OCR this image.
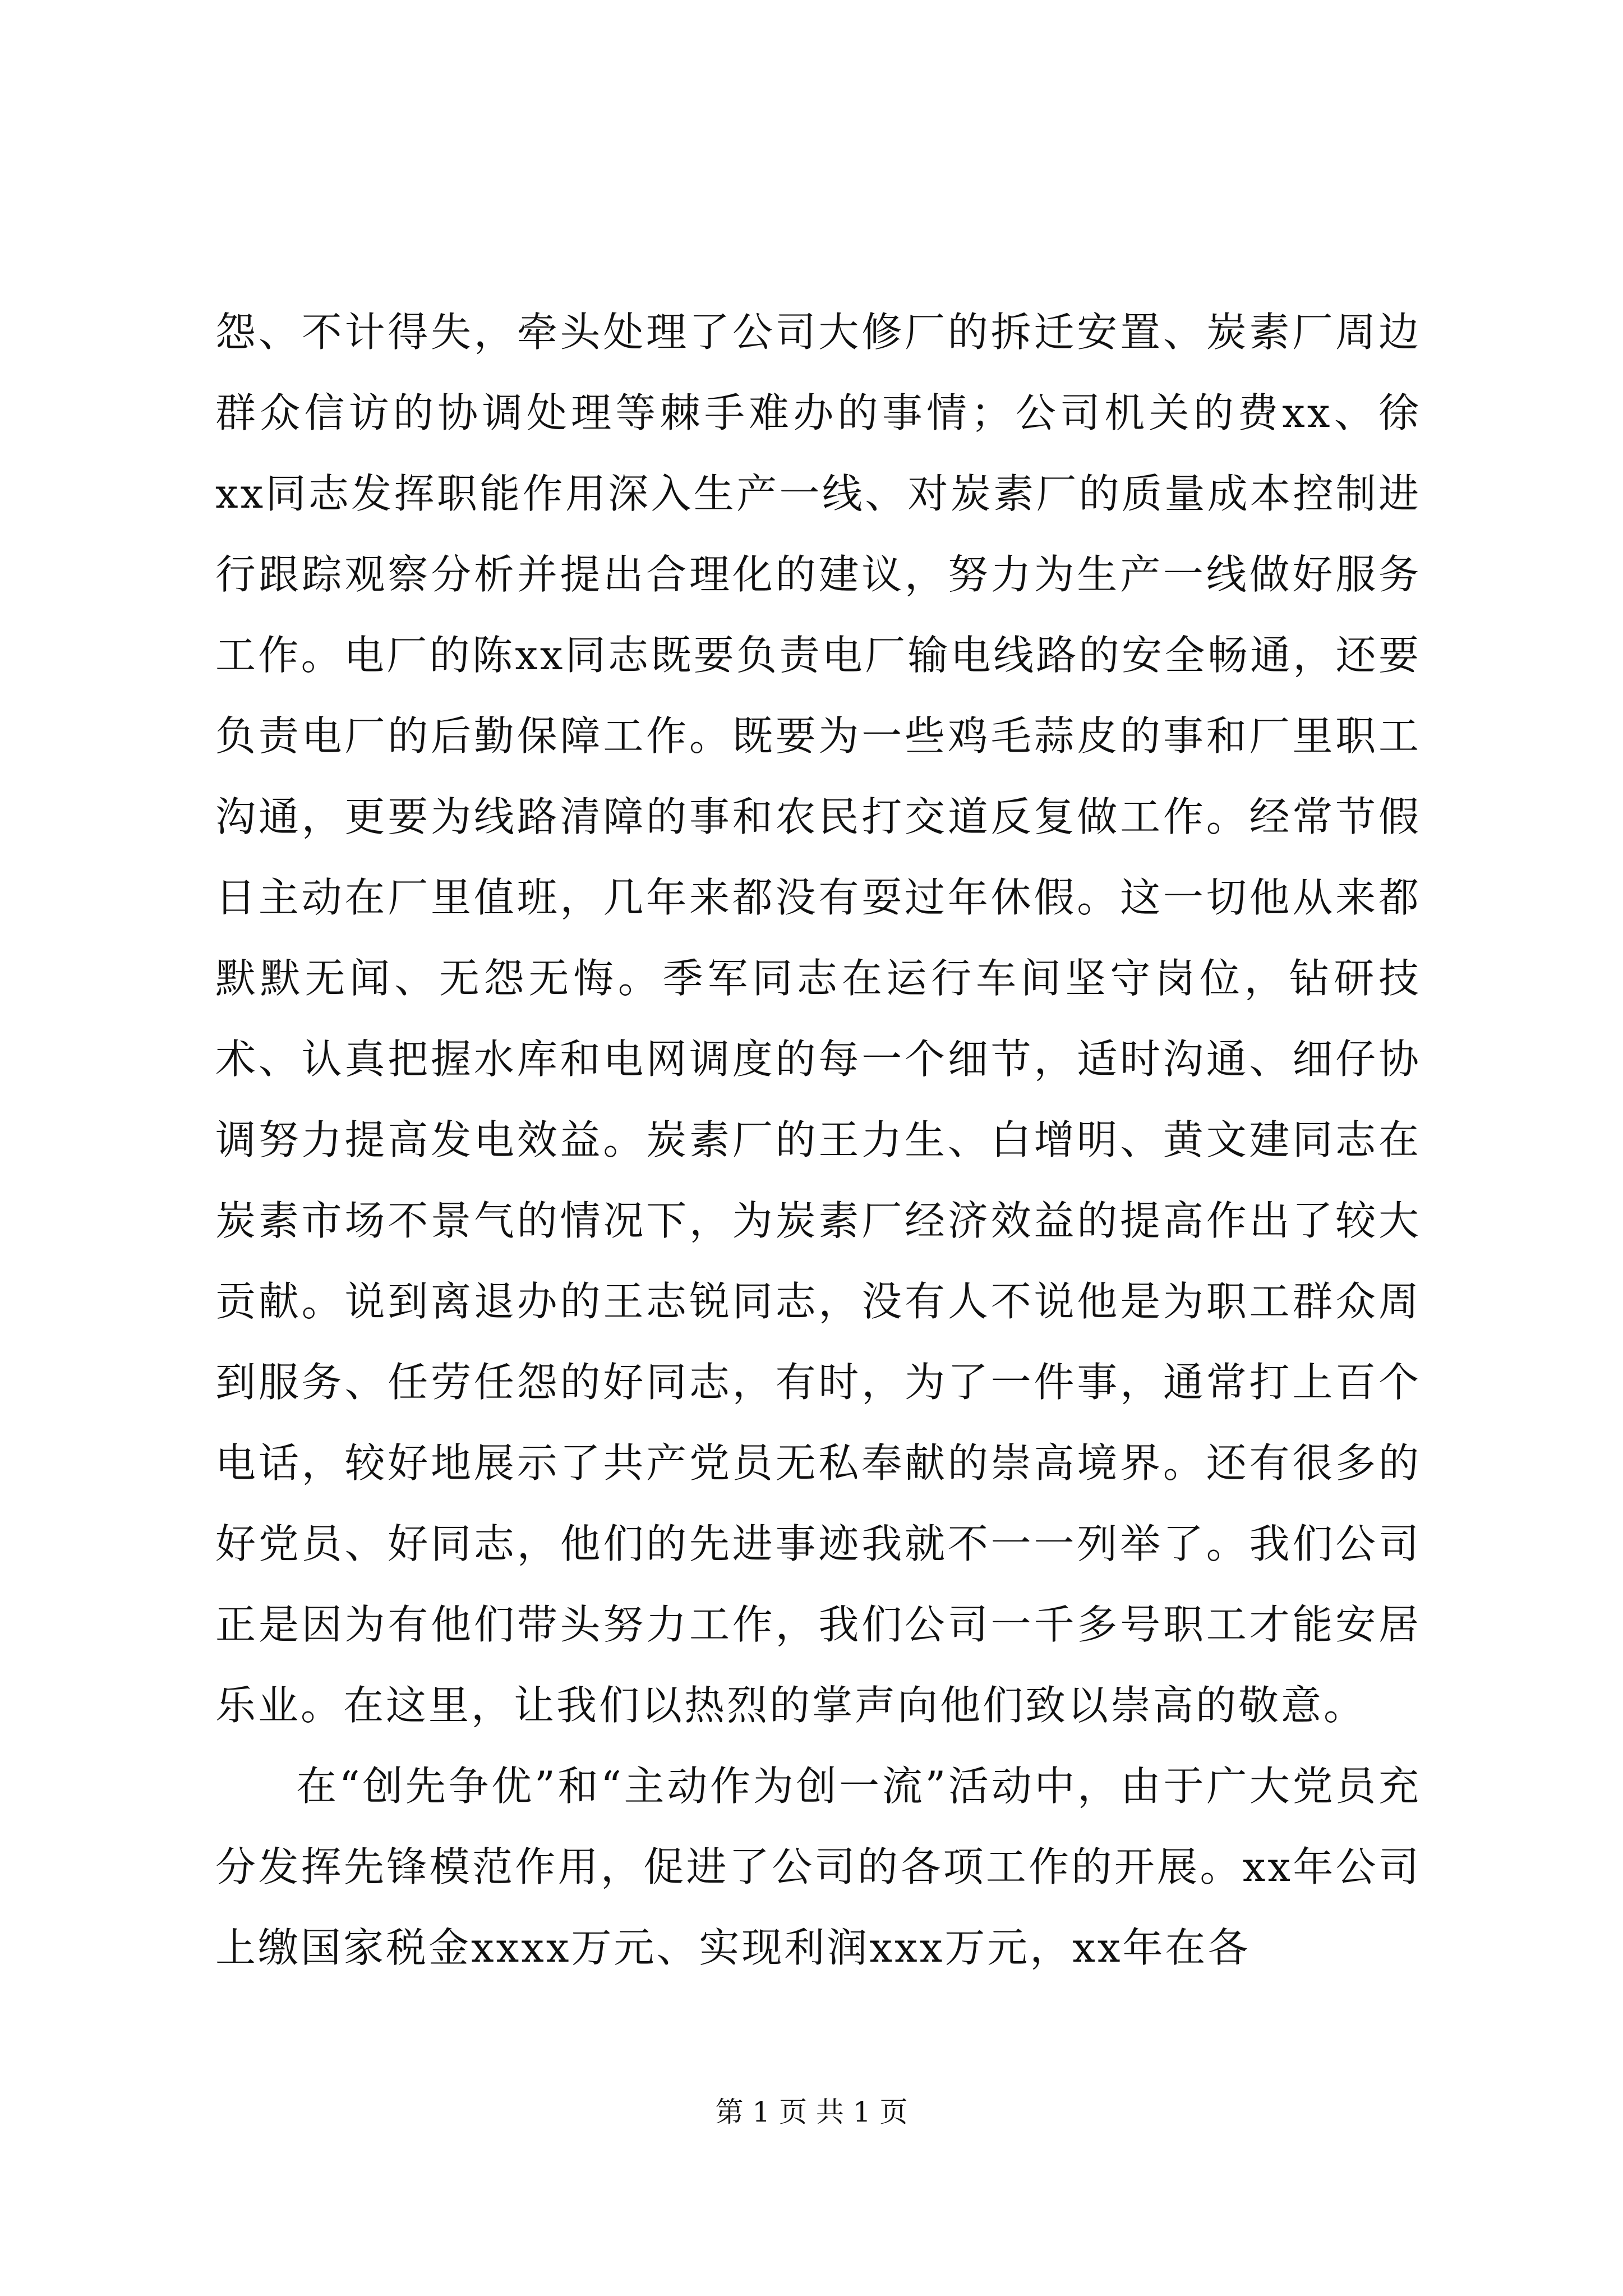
怨、不计得失，牵头处理了公司大修厂的拆迁安置、炭素厂周边群众信访的协调处理等棘手难办的事情；公司机关的费xx、徐xx同志发挥职能作用深入生产一线、对炭素厂的质量成本控制进行跟踪观察分析并提出合理化的建议，努力为生产一线做好服务工作。电厂的陈xx同志既要负责电厂输电线路的安全畅通，还要负责电厂的后勤保障工作。既要为一些鸡毛蒜皮的事和厂里职工沟通，更要为线路清障的事和农民打交道反复做工作。经常节假日主动在厂里值班，几年来都没有耍过年休假。这一切他从来都默默无闻、无怨无悔。季军同志在运行车间坚守岗位，钻研技术、认真把握水库和电网调度的每一个细节，适时沟通、细仔协调努力提高发电效益。炭素厂的王力生、白增明、黄文建同志在炭素市场不景气的情况下，为炭素厂经济效益的提高作出了较大贡献。说到离退办的王志锐同志，没有人不说他是为职工群众周到服务、任劳任怨的好同志，有时，为了一件事，通常打上百个电话，较好地展示了共产党员无私奉献的崇高境界。还有很多的好党员、好同志，他们的先进事迹我就不一一列举了。我们公司正是因为有他们带头努力工作，我们公司一千多号职工才能安居乐业。在这里，让我们以热烈的掌声向他们致以崇高的敬意。

在“创先争优”和“主动作为创一流”活动中，由于广大党员充分发挥先锋模范作用，促进了公司的各项工作的开展。xx年公司上缴国家税金xxxx万元、实现利润xxx万元，xx年在各

第 1 页 共 1 页
